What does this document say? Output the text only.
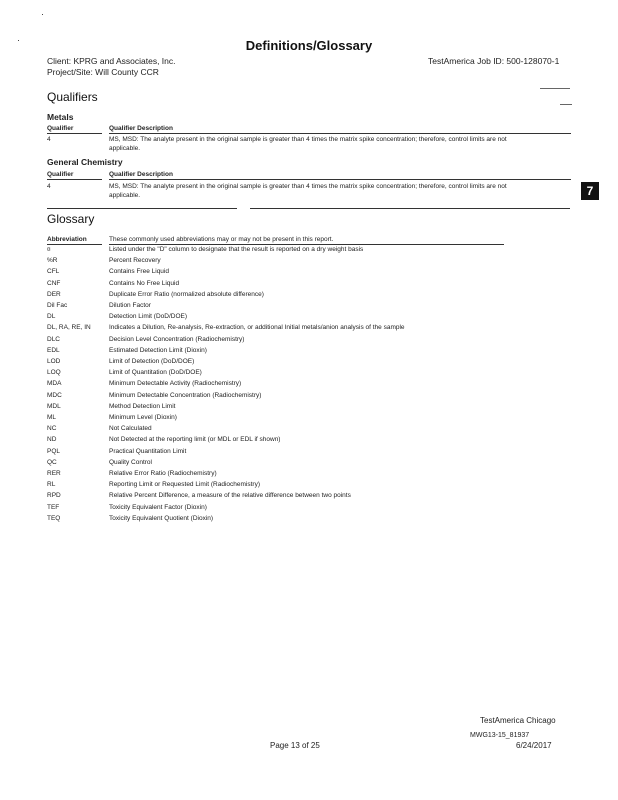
Definitions/Glossary
Client: KPRG and Associates, Inc.
Project/Site: Will County CCR
TestAmerica Job ID: 500-128070-1
Qualifiers
Metals
Qualifier	Qualifier Description
4	MS, MSD: The analyte present in the original sample is greater than 4 times the matrix spike concentration; therefore, control limits are not
applicable.
General Chemistry
Qualifier	Qualifier Description
4	MS, MSD: The analyte present in the original sample is greater than 4 times the matrix spike concentration; therefore, control limits are not
applicable.	7
Glossary
Abbreviation	These commonly used abbreviations may or may not be present in this report.
¤	Listed under the "D" column to designate that the result is reported on a dry weight basis
%R	Percent Recovery
CFL	Contains Free Liquid
CNF	Contains No Free Liquid
DER	Duplicate Error Ratio (normalized absolute difference)
Dil Fac	Dilution Factor
DL	Detection Limit (DoD/DOE)
DL, RA, RE, IN	Indicates a Dilution, Re-analysis, Re-extraction, or additional Initial metals/anion analysis of the sample
DLC	Decision Level Concentration (Radiochemistry)
EDL	Estimated Detection Limit (Dioxin)
LOD	Limit of Detection (DoD/DOE)
LOQ	Limit of Quantitation (DoD/DOE)
MDA	Minimum Detectable Activity (Radiochemistry)
MDC	Minimum Detectable Concentration (Radiochemistry)
MDL	Method Detection Limit
ML	Minimum Level (Dioxin)
NC	Not Calculated
ND	Not Detected at the reporting limit (or MDL or EDL if shown)
PQL	Practical Quantitation Limit
QC	Quality Control
RER	Relative Error Ratio (Radiochemistry)
RL	Reporting Limit or Requested Limit (Radiochemistry)
RPD	Relative Percent Difference, a measure of the relative difference between two points
TEF	Toxicity Equivalent Factor (Dioxin)
TEQ	Toxicity Equivalent Quotient (Dioxin)
TestAmerica Chicago
MWG13-15_81937
Page 13 of 25	6/24/2017
